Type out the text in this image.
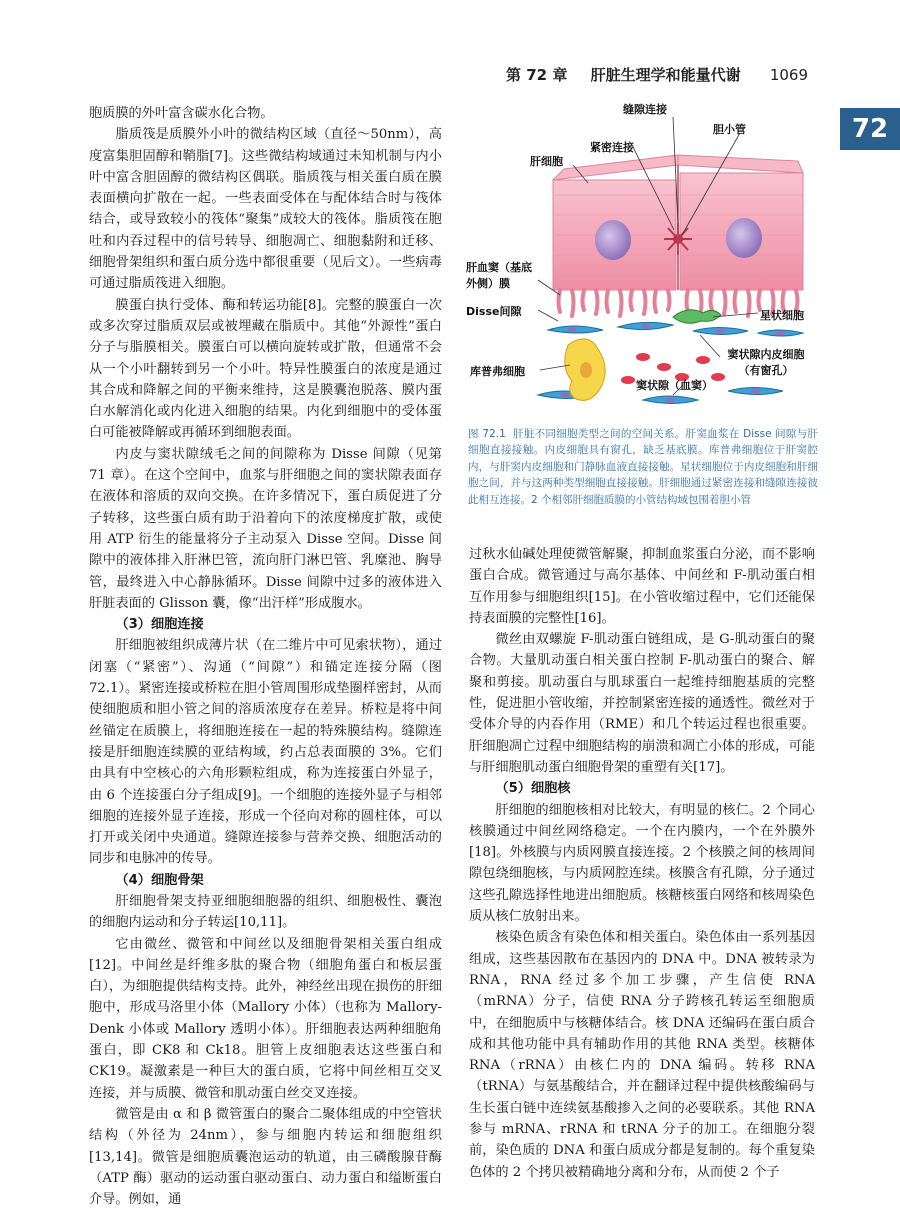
第 72 章 肝脏生理学和能量代谢 1069
72

胞质膜的外叶富含碳水化合物。

脂质筏是质膜外小叶的微结构区域（直径～50nm），高度富集胆固醇和鞘脂[7]。这些微结构域通过未知机制与内小叶中富含胆固醇的微结构区偶联。脂质筏与相关蛋白质在膜表面横向扩散在一起。一些表面受体在与配体结合时与筏体结合，或导致较小的筏体“聚集”成较大的筏体。脂质筏在胞吐和内吞过程中的信号转导、细胞凋亡、细胞黏附和迁移、细胞骨架组织和蛋白质分选中都很重要（见后文）。一些病毒可通过脂质筏进入细胞。

膜蛋白执行受体、酶和转运功能[8]。完整的膜蛋白一次或多次穿过脂质双层或被埋藏在脂质中。其他“外源性”蛋白分子与脂膜相关。膜蛋白可以横向旋转或扩散，但通常不会从一个小叶翻转到另一个小叶。特异性膜蛋白的浓度是通过其合成和降解之间的平衡来维持，这是膜囊泡脱落、膜内蛋白水解消化或内化进入细胞的结果。内化到细胞中的受体蛋白可能被降解或再循环到细胞表面。

内皮与窦状隙绒毛之间的间隙称为 Disse 间隙（见第 71 章）。在这个空间中，血浆与肝细胞之间的窦状隙表面存在液体和溶质的双向交换。在许多情况下，蛋白质促进了分子转移，这些蛋白质有助于沿着向下的浓度梯度扩散，或使用 ATP 衍生的能量将分子主动泵入 Disse 空间。Disse 间隙中的液体排入肝淋巴管，流向肝门淋巴管、乳糜池、胸导管，最终进入中心静脉循环。Disse 间隙中过多的液体进入肝脏表面的 Glisson 囊，像“出汗样”形成腹水。

（3）细胞连接

肝细胞被组织成薄片状（在二维片中可见索状物），通过闭塞（“紧密”）、沟通（“间隙”）和锚定连接分隔（图 72.1）。紧密连接或桥粒在胆小管周围形成垫圈样密封，从而使细胞质和胆小管之间的溶质浓度存在差异。桥粒是将中间丝锚定在质膜上，将细胞连接在一起的特殊膜结构。缝隙连接是肝细胞连续膜的亚结构域，约占总表面膜的 3%。它们由具有中空核心的六角形颗粒组成，称为连接蛋白外显子，由 6 个连接蛋白分子组成[9]。一个细胞的连接外显子与相邻细胞的连接外显子连接，形成一个径向对称的圆柱体，可以打开或关闭中央通道。缝隙连接参与营养交换、细胞活动的同步和电脉冲的传导。

（4）细胞骨架

肝细胞骨架支持亚细胞细胞器的组织、细胞极性、囊泡的细胞内运动和分子转运[10,11]。

它由微丝、微管和中间丝以及细胞骨架相关蛋白组成[12]。中间丝是纤维多肽的聚合物（细胞角蛋白和板层蛋白），为细胞提供结构支持。此外，神经丝出现在损伤的肝细胞中，形成马洛里小体（Mallory 小体）（也称为 Mallory-Denk 小体或 Mallory 透明小体）。肝细胞表达两种细胞角蛋白，即 CK8 和 Ck18。胆管上皮细胞表达这些蛋白和 CK19。凝激素是一种巨大的蛋白质，它将中间丝相互交叉连接，并与质膜、微管和肌动蛋白丝交叉连接。

微管是由 α 和 β 微管蛋白的聚合二聚体组成的中空管状结构（外径为 24nm），参与细胞内转运和细胞组织[13,14]。微管是细胞质囊泡运动的轨道，由三磷酸腺苷酶（ATP 酶）驱动的运动蛋白驱动蛋白、动力蛋白和缢断蛋白介导。例如，通

缝隙连接
胆小管
紧密连接
肝细胞
肝血窦（基底外侧）膜
Disse间隙	星状细胞
窦状隙内皮细胞（有窗孔）
库普弗细胞
窦状隙（血窦）
图 72.1 肝脏不同细胞类型之间的空间关系。肝窦血浆在 Disse 间隙与肝细胞直接接触。内皮细胞具有窗孔，缺乏基底膜。库普弗细胞位于肝窦腔内，与肝窦内皮细胞和门静脉血液直接接触。星状细胞位于内皮细胞和肝细胞之间，并与这两种类型细胞直接接触。肝细胞通过紧密连接和缝隙连接彼此相互连接。2 个相邻肝细胞质膜的小管结构域包围着胆小管

过秋水仙碱处理使微管解聚，抑制血浆蛋白分泌，而不影响蛋白合成。微管通过与高尔基体、中间丝和 F-肌动蛋白相互作用参与细胞组织[15]。在小管收缩过程中，它们还能保持表面膜的完整性[16]。

微丝由双螺旋 F-肌动蛋白链组成，是 G-肌动蛋白的聚合物。大量肌动蛋白相关蛋白控制 F-肌动蛋白的聚合、解聚和剪接。肌动蛋白与肌球蛋白一起维持细胞基质的完整性，促进胆小管收缩，并控制紧密连接的通透性。微丝对于受体介导的内吞作用（RME）和几个转运过程也很重要。肝细胞凋亡过程中细胞结构的崩溃和凋亡小体的形成，可能与肝细胞肌动蛋白细胞骨架的重塑有关[17]。

（5）细胞核

肝细胞的细胞核相对比较大，有明显的核仁。2 个同心核膜通过中间丝网络稳定。一个在内膜内，一个在外膜外[18]。外核膜与内质网膜直接连接。2 个核膜之间的核周间隙包绕细胞核，与内质网腔连续。核膜含有孔隙，分子通过这些孔隙选择性地进出细胞质。核糖核蛋白网络和核周染色质从核仁放射出来。

核染色质含有染色体和相关蛋白。染色体由一系列基因组成，这些基因散布在基因内的 DNA 中。DNA 被转录为 RNA，RNA 经过多个加工步骤，产生信使 RNA（mRNA）分子，信使 RNA 分子跨核孔转运至细胞质中，在细胞质中与核糖体结合。核 DNA 还编码在蛋白质合成和其他功能中具有辅助作用的其他 RNA 类型。核糖体 RNA（rRNA）由核仁内的 DNA 编码。转移 RNA（tRNA）与氨基酸结合，并在翻译过程中提供核酸编码与生长蛋白链中连续氨基酸掺入之间的必要联系。其他 RNA 参与 mRNA、rRNA 和 tRNA 分子的加工。在细胞分裂前，染色质的 DNA 和蛋白质成分都是复制的。每个重复染色体的 2 个拷贝被精确地分离和分布，从而使 2 个子
